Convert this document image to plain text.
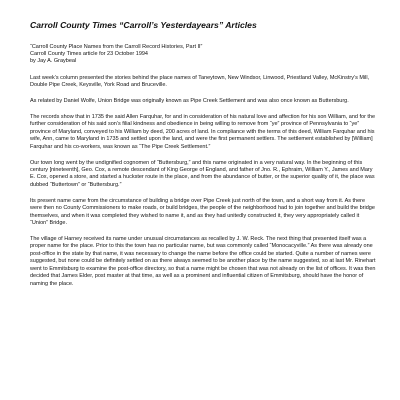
Carroll County Times “Carroll’s Yesterdayears” Articles
“Carroll County Place Names from the Carroll Record Histories, Part II”
Carroll County Times article for 23 October 1994
by Jay A. Graybeal

Last week’s column presented the stories behind the place names of Taneytown, New Windsor, Linwood, Priestland Valley, McKinstry’s Mill, Double Pipe Creek, Keysville, York Road and Bruceville.

As related by Daniel Wolfe, Union Bridge was originally known as Pipe Creek Settlement and was also once known as Buttersburg.

The records show that in 1735 the said Allen Farquhar, for and in consideration of his natural love and affection for his son William, and for the further consideration of his said son’s filial kindness and obedience in being willing to remove from “ye” province of Pennsylvania to “ye” province of Maryland, conveyed to his William by deed, 200 acres of land. In compliance with the terms of this deed, William Farquhar and his wife, Ann, came to Maryland in 1735 and settled upon the land, and were the first permanent settlers. The settlement established by [William] Farquhar and his co-workers, was known as “The Pipe Creek Settlement.”

Our town long went by the undignified cognomen of “Buttersburg,” and this name originated in a very natural way. In the beginning of this century [nineteenth], Geo. Cox, a remote descendant of King George of England, and father of Jno. R., Ephraim, William Y., James and Mary E. Cox, opened a store, and started a huckster route in the place, and from the abundance of butter, or the superior quality of it, the place was dubbed “Buttertown” or “Buttersburg.”

Its present name came from the circumstance of building a bridge over Pipe Creek just north of the town, and a short way from it. As there were then no County Commissioners to make roads, or build bridges, the people of the neighborhood had to join together and build the bridge themselves, and when it was completed they wished to name it, and as they had unitedly constructed it, they very appropriately called it “Union” Bridge.

The village of Harney received its name under unusual circumstances as recalled by J. W. Reck. The next thing that presented itself was a proper name for the place. Prior to this the town has no particular name, but was commonly called “Monocacyville.” As there was already one post-office in the state by that name, it was necessary to change the name before the office could be started. Quite a number of names were suggested, but none could be definitely settled on as there always seemed to be another place by the name suggested, so at last Mr. Rinehart went to Emmitsburg to examine the post-office directory, so that a name might be chosen that was not already on the list of offices. It was then decided that James Elder, post master at that time, as well as a prominent and influential citizen of Emmitsburg, should have the honor of naming the place.
